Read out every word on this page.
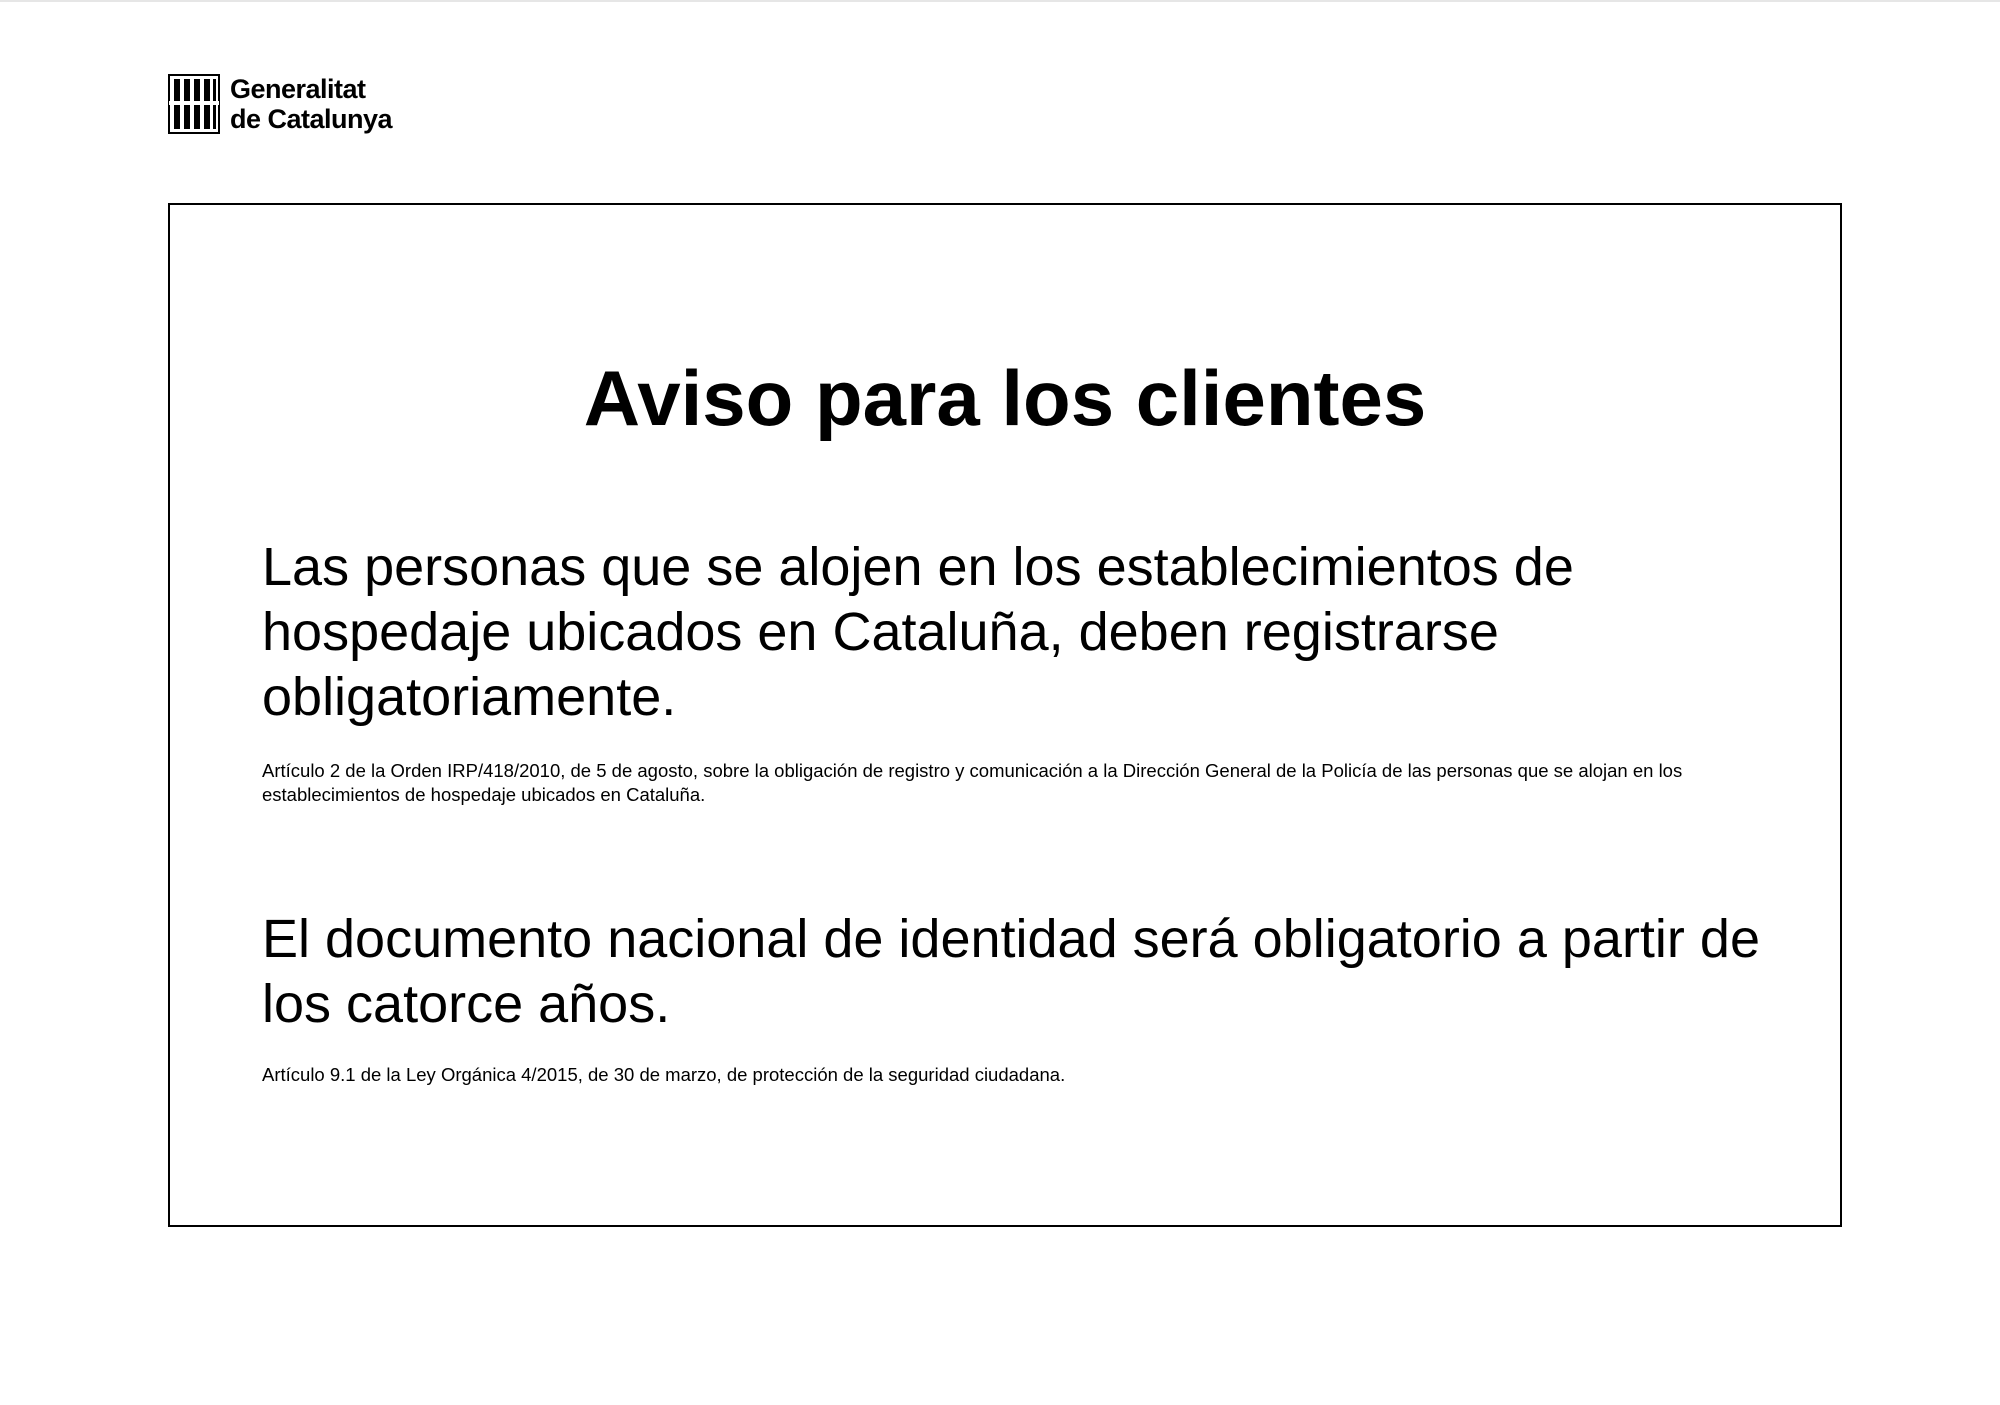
Generalitat
de Catalunya
Aviso para los clientes

Las personas que se alojen en los establecimientos de hospedaje ubicados en Cataluña, deben registrarse obligatoriamente.

Artículo 2 de la Orden IRP/418/2010, de 5 de agosto, sobre la obligación de registro y comunicación a la Dirección General de la Policía de las personas que se alojan en los establecimientos de hospedaje ubicados en Cataluña.

El documento nacional de identidad será obligatorio a partir de los catorce años.

Artículo 9.1 de la Ley Orgánica 4/2015, de 30 de marzo, de protección de la seguridad ciudadana.
